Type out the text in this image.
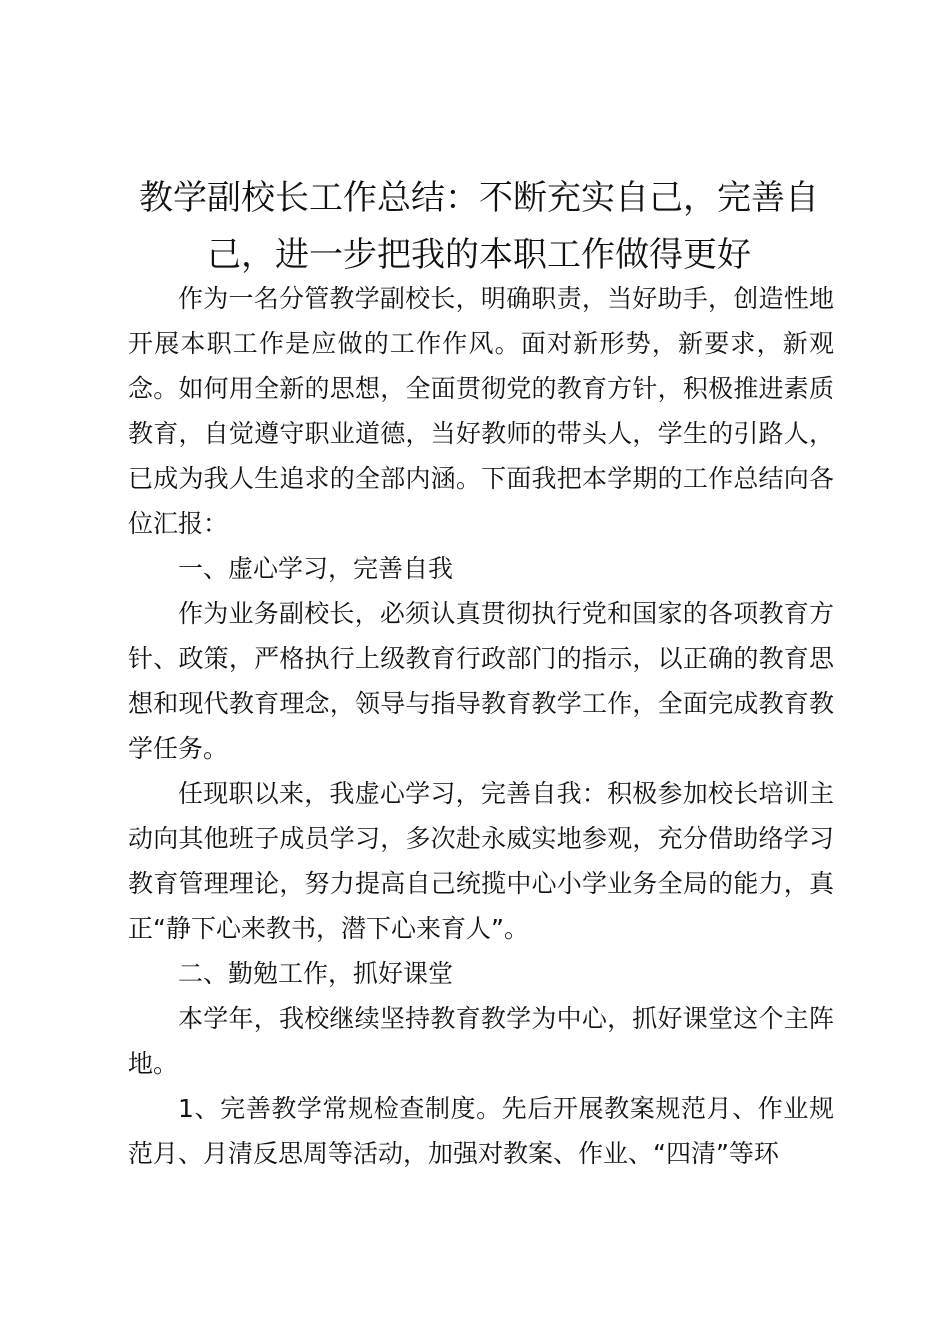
教学副校长工作总结：不断充实自己，完善自己，进一步把我的本职工作做得更好

作为一名分管教学副校长，明确职责，当好助手，创造性地开展本职工作是应做的工作作风。面对新形势，新要求，新观念。如何用全新的思想，全面贯彻党的教育方针，积极推进素质教育，自觉遵守职业道德，当好教师的带头人，学生的引路人，已成为我人生追求的全部内涵。下面我把本学期的工作总结向各位汇报：

一、虚心学习，完善自我

作为业务副校长，必须认真贯彻执行党和国家的各项教育方针、政策，严格执行上级教育行政部门的指示，以正确的教育思想和现代教育理念，领导与指导教育教学工作，全面完成教育教学任务。

任现职以来，我虚心学习，完善自我：积极参加校长培训主动向其他班子成员学习，多次赴永威实地参观，充分借助络学习教育管理理论，努力提高自己统揽中心小学业务全局的能力，真正“静下心来教书，潜下心来育人”。

二、勤勉工作，抓好课堂

本学年，我校继续坚持教育教学为中心，抓好课堂这个主阵地。

1、完善教学常规检查制度。先后开展教案规范月、作业规范月、月清反思周等活动，加强对教案、作业、“四清”等环
